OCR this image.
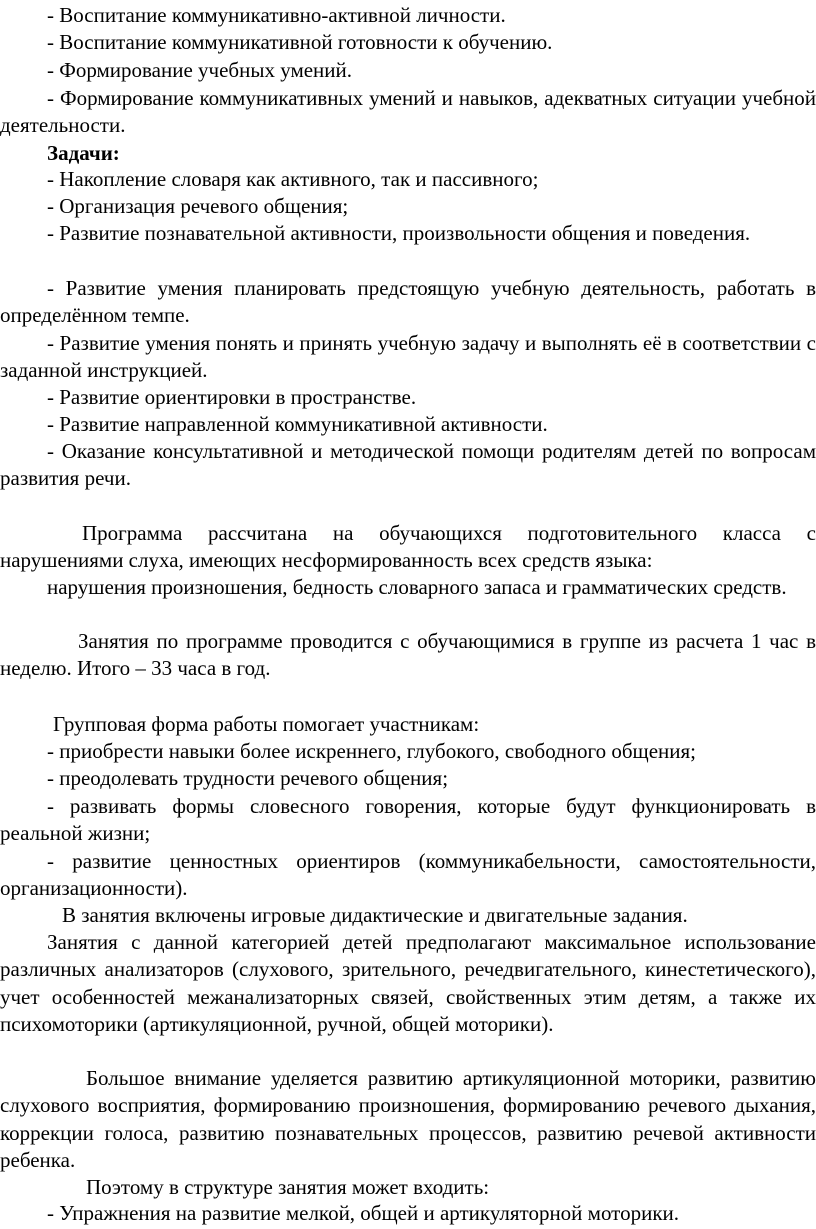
- Воспитание коммуникативно-активной личности.

- Воспитание коммуникативной готовности к обучению.

- Формирование учебных умений.

- Формирование коммуникативных умений и навыков, адекватных ситуации учебной деятельности.

Задачи:

- Накопление словаря как активного, так и пассивного;

- Организация речевого общения;

- Развитие познавательной активности, произвольности общения и поведения.

- Развитие умения планировать предстоящую учебную деятельность, работать в определённом темпе.

- Развитие умения понять и принять учебную задачу и выполнять её в соответствии с заданной инструкцией.

- Развитие ориентировки в пространстве.

- Развитие направленной коммуникативной активности.

- Оказание консультативной и методической помощи родителям детей по вопросам развития речи.

Программа рассчитана на обучающихся подготовительного класса с нарушениями слуха, имеющих несформированность всех средств языка:

нарушения произношения, бедность словарного запаса и грамматических средств.

Занятия по программе проводится с обучающимися в группе из расчета 1 час в неделю. Итого – 33 часа в год.

Групповая форма работы помогает участникам:

- приобрести навыки более искреннего, глубокого, свободного общения;

- преодолевать трудности речевого общения;

- развивать формы словесного говорения, которые будут функционировать в реальной жизни;

- развитие ценностных ориентиров (коммуникабельности, самостоятельности, организационности).

В занятия включены игровые дидактические и двигательные задания.

Занятия с данной категорией детей предполагают максимальное использование различных анализаторов (слухового, зрительного, речедвигательного, кинестетического), учет особенностей межанализаторных связей, свойственных этим детям, а также их психомоторики (артикуляционной, ручной, общей моторики).

Большое внимание уделяется развитию артикуляционной моторики, развитию слухового восприятия, формированию произношения, формированию речевого дыхания, коррекции голоса, развитию познавательных процессов, развитию речевой активности ребенка.

Поэтому в структуре занятия может входить:

- Упражнения на развитие мелкой, общей и артикуляторной моторики.
